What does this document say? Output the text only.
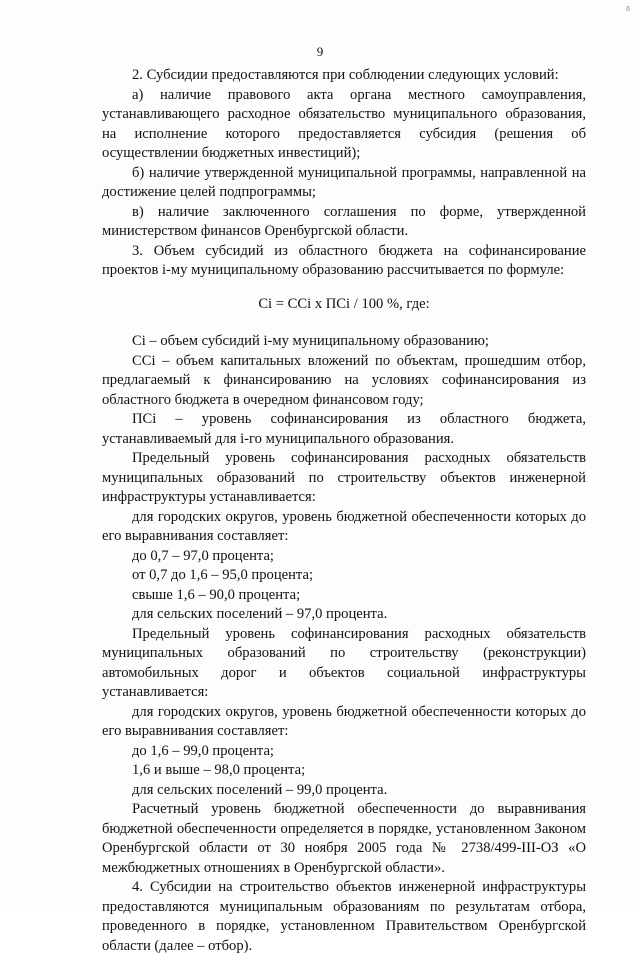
6
9

2. Субсидии предоставляются при соблюдении следующих условий:

а) наличие правового акта органа местного самоуправления, устанавливающего расходное обязательство муниципального образования, на исполнение которого предоставляется субсидия (решения об осуществлении бюджетных инвестиций);

б) наличие утвержденной муниципальной программы, направленной на достижение целей подпрограммы;

в) наличие заключенного соглашения по форме, утвержденной министерством финансов Оренбургской области.

3. Объем субсидий из областного бюджета на софинансирование проектов i-му муниципальному образованию рассчитывается по формуле:

Ci = CCi x ПСi / 100 %, где:

Ci – объем субсидий i-му муниципальному образованию;

ССi – объем капитальных вложений по объектам, прошедшим отбор, предлагаемый к финансированию на условиях софинансирования из областного бюджета в очередном финансовом году;

ПСi – уровень софинансирования из областного бюджета, устанавливаемый для i-го муниципального образования.

Предельный уровень софинансирования расходных обязательств муниципальных образований по строительству объектов инженерной инфраструктуры устанавливается:

для городских округов, уровень бюджетной обеспеченности которых до его выравнивания составляет:

до 0,7 – 97,0 процента;

от 0,7 до 1,6 – 95,0 процента;

свыше 1,6 – 90,0 процента;

для сельских поселений – 97,0 процента.

Предельный уровень софинансирования расходных обязательств муниципальных образований по строительству (реконструкции) автомобильных дорог и объектов социальной инфраструктуры устанавливается:

для городских округов, уровень бюджетной обеспеченности которых до его выравнивания составляет:

до 1,6 – 99,0 процента;

1,6 и выше – 98,0 процента;

для сельских поселений – 99,0 процента.

Расчетный уровень бюджетной обеспеченности до выравнивания бюджетной обеспеченности определяется в порядке, установленном Законом Оренбургской области от 30 ноября 2005 года № 2738/499-III-ОЗ «О межбюджетных отношениях в Оренбургской области».

4. Субсидии на строительство объектов инженерной инфраструктуры предоставляются муниципальным образованиям по результатам отбора, проведенного в порядке, установленном Правительством Оренбургской области (далее – отбор).
